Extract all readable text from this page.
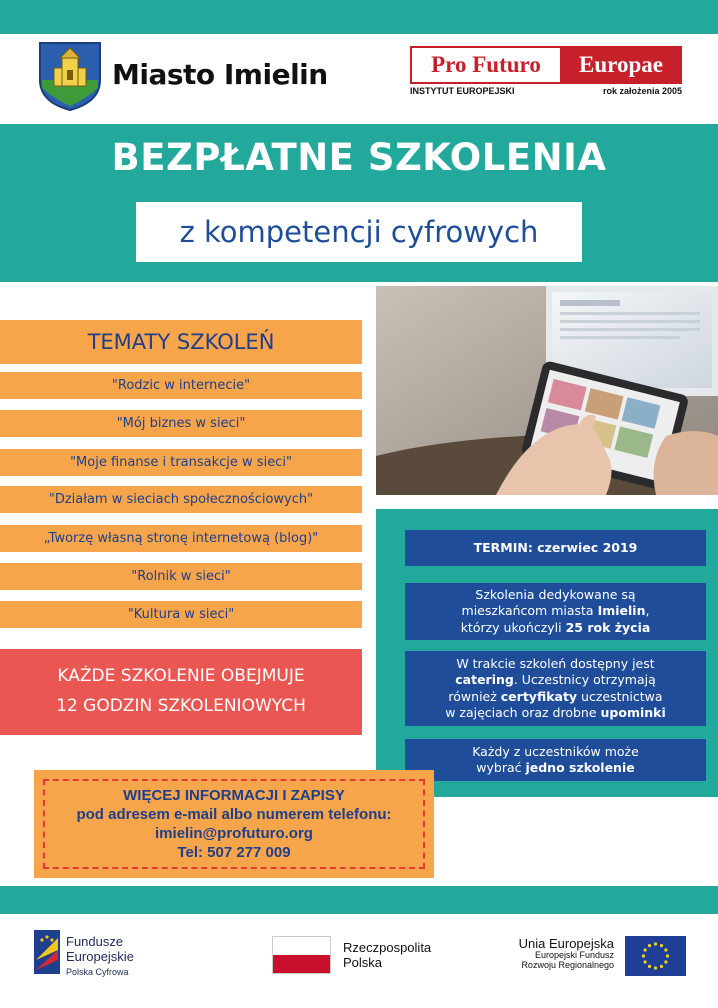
Miasto Imielin	Pro Futuro	Europae
INSTYTUT EUROPEJSKI	rok założenia 2005
BEZPŁATNE SZKOLENIA
z kompetencji cyfrowych
TEMATY SZKOLEŃ
"Rodzic w internecie"
"Mój biznes w sieci"
"Moje finanse i transakcje w sieci"
"Działam w sieciach społecznościowych"
„Tworzę własną stronę internetową (blog)"
"Rolnik w sieci"
"Kultura w sieci"
KAŻDE SZKOLENIE OBEJMUJE
12 GODZIN SZKOLENIOWYCH
TERMIN: czerwiec 2019
Szkolenia dedykowane są
mieszkańcom miasta Imielin,
którzy ukończyli 25 rok życia
W trakcie szkoleń dostępny jest
catering. Uczestnicy otrzymają
również certyfikaty uczestnictwa
w zajęciach oraz drobne upominki
Każdy z uczestników może
wybrać jedno szkolenie
WIĘCEJ INFORMACJI I ZAPISY
pod adresem e-mail albo numerem telefonu:
imielin@profuturo.org
Tel: 507 277 009
Fundusze
Europejskie
Polska Cyfrowa
Rzeczpospolita
Polska
Unia Europejska

Europejski Fundusz
Rozwoju Regionalnego
